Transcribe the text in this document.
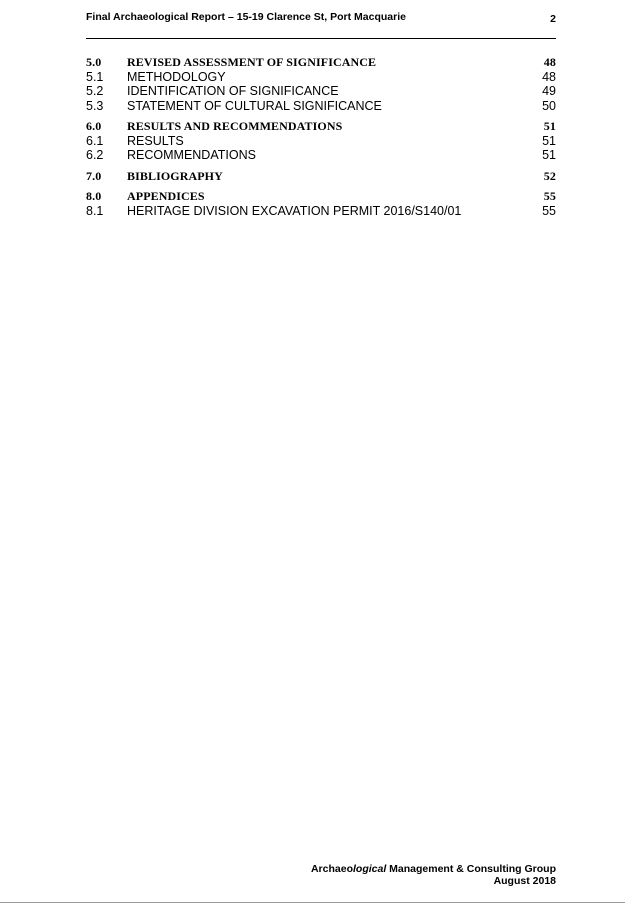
Final Archaeological Report – 15-19 Clarence St, Port Macquarie	2
5.0 REVISED ASSESSMENT OF SIGNIFICANCE	48
5.1 METHODOLOGY	48
5.2 IDENTIFICATION OF SIGNIFICANCE	49
5.3 STATEMENT OF CULTURAL SIGNIFICANCE	50
6.0 RESULTS AND RECOMMENDATIONS	51
6.1 RESULTS	51
6.2 RECOMMENDATIONS	51
7.0 BIBLIOGRAPHY	52
8.0 APPENDICES	55
8.1 HERITAGE DIVISION EXCAVATION PERMIT 2016/S140/01	55
Archaeological Management & Consulting Group
August 2018
